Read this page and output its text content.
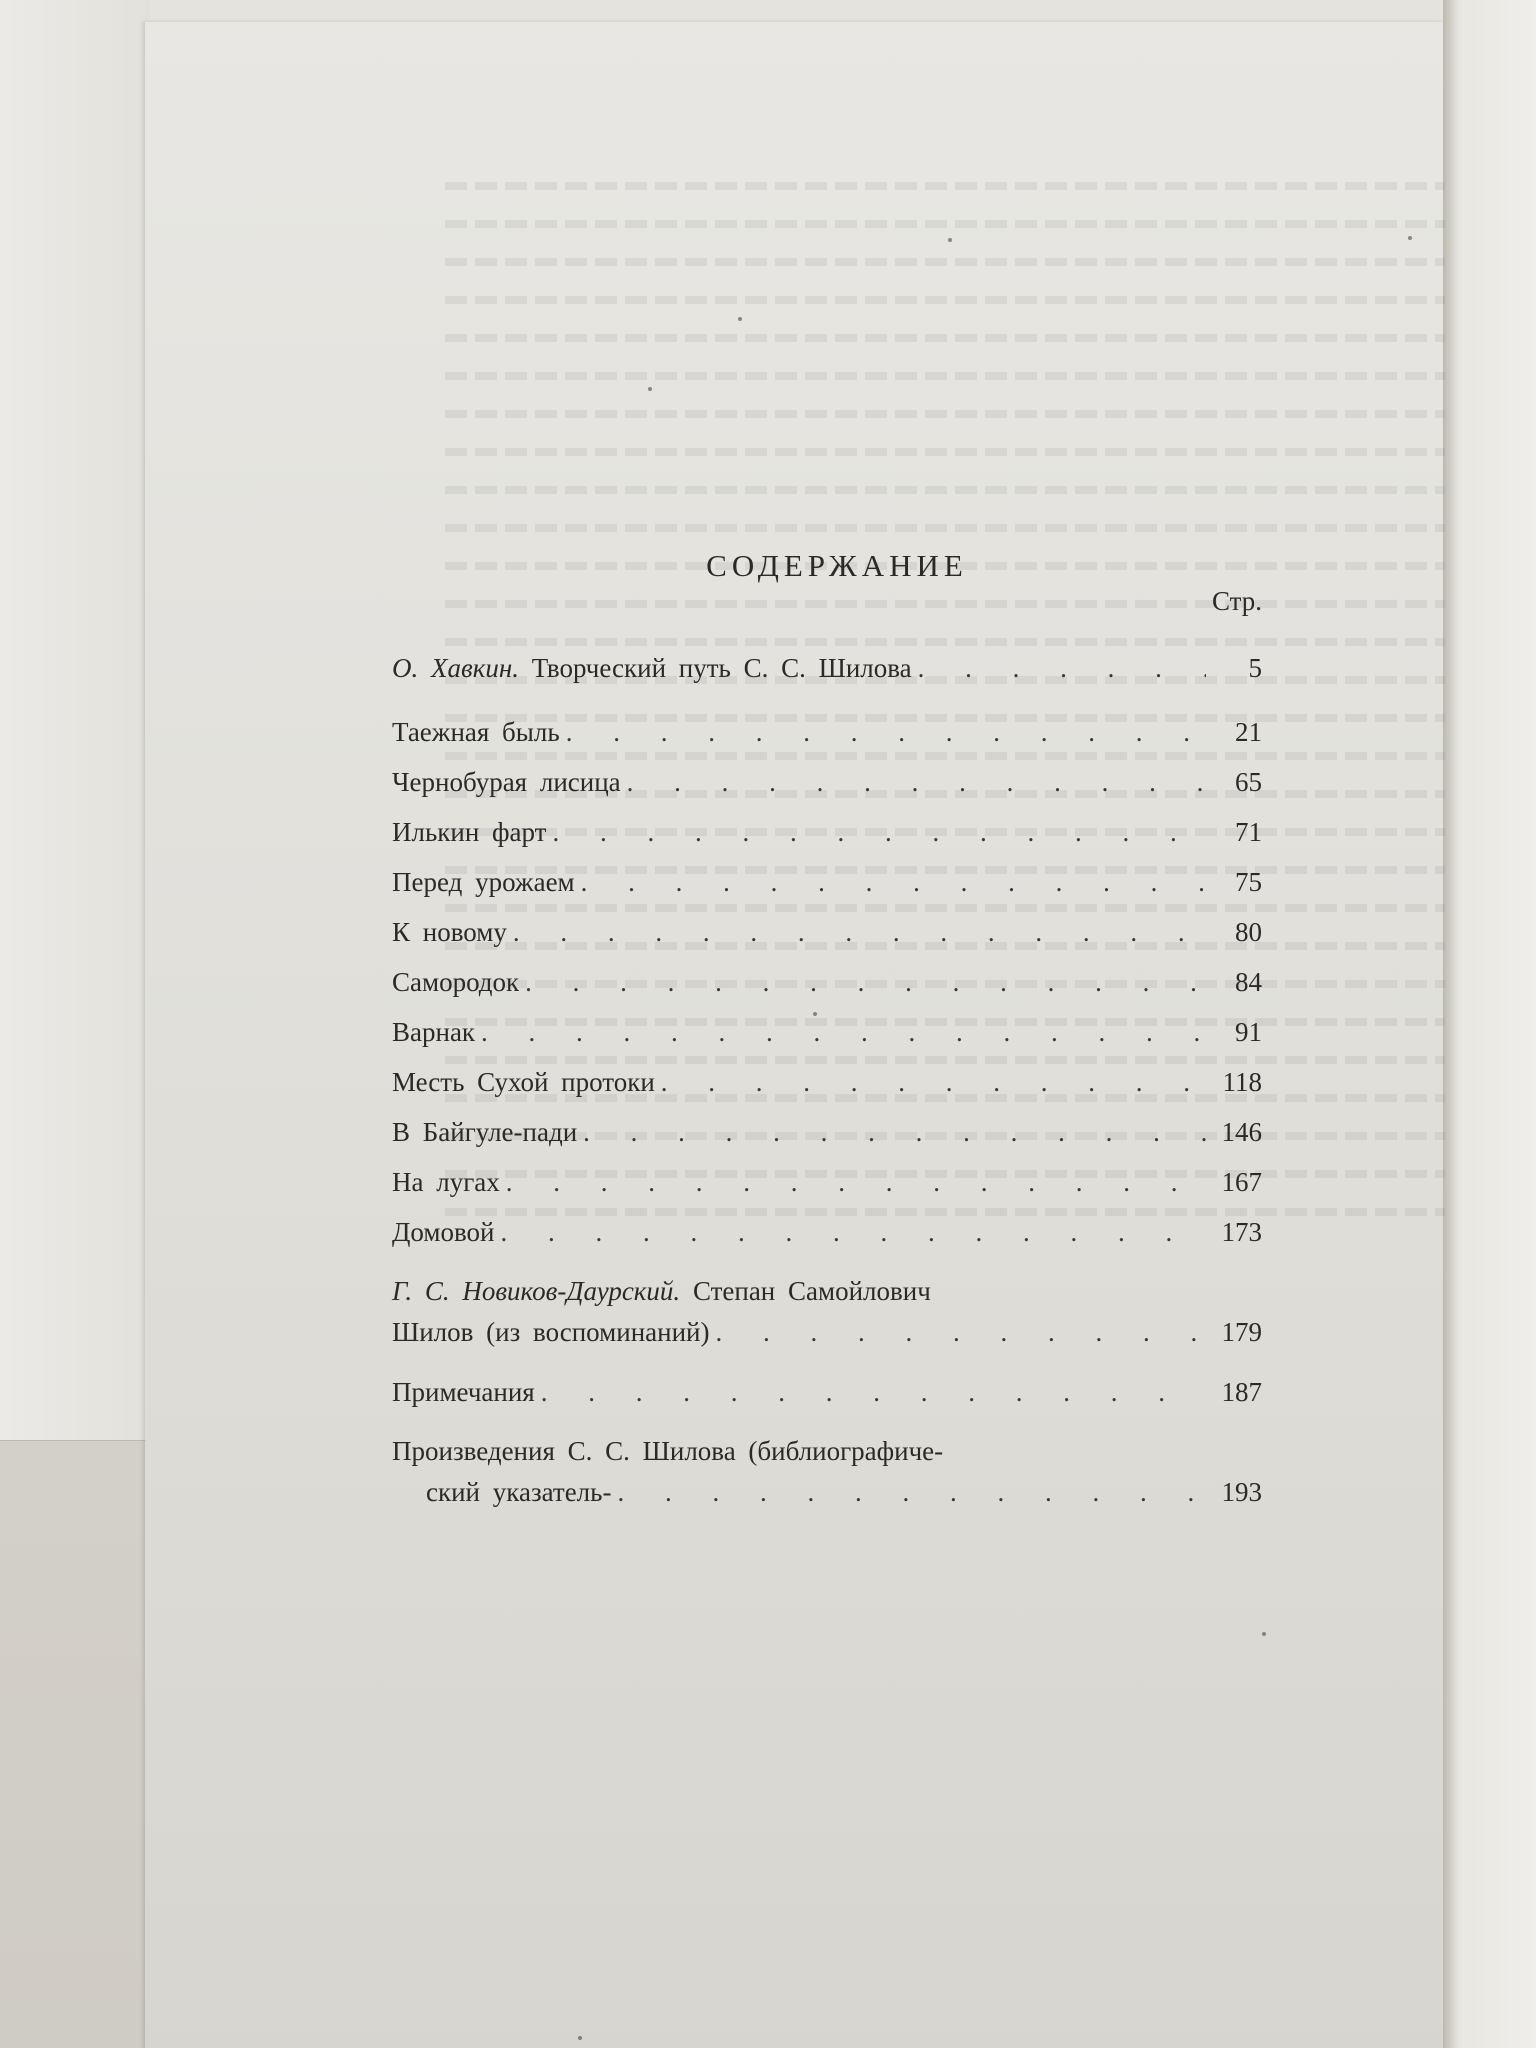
СОДЕРЖАНИЕ
Стр.
О. Хавкин. Творческий путь С. С. Шилова . . .	5
Таежная быль . . .	21
Чернобурая лисица . . .	65
Илькин фарт . . .	71
Перед урожаем . . .	75
К новому . . .	80
Самородок . . .	84
Варнак . . .	91
Месть Сухой протоки . . .	118
В Байгуле-пади . . .	146
На лугах . . .	167
Домовой . . .	173
Г. С. Новиков-Даурский. Степан Самойлович
Шилов (из воспоминаний) . . .	179
Примечания . . .	187
Произведения С. С. Шилова (библиографиче-
ский указатель- . . .	193
